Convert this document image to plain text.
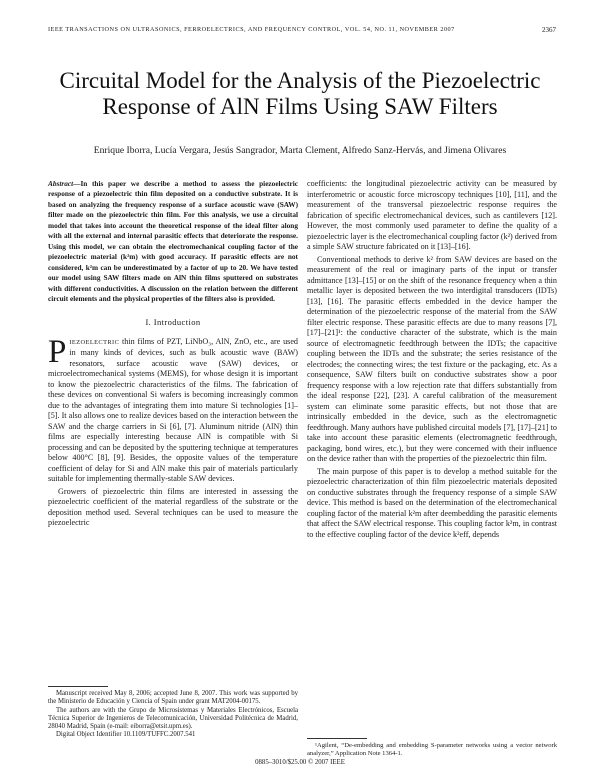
IEEE TRANSACTIONS ON ULTRASONICS, FERROELECTRICS, AND FREQUENCY CONTROL, VOL. 54, NO. 11, NOVEMBER 2007	2367
Circuital Model for the Analysis of the Piezoelectric Response of AlN Films Using SAW Filters
Enrique Iborra, Lucía Vergara, Jesús Sangrador, Marta Clement, Alfredo Sanz-Hervás, and Jimena Olivares
Abstract—In this paper we describe a method to assess the piezoelectric response of a piezoelectric thin film deposited on a conductive substrate. It is based on analyzing the frequency response of a surface acoustic wave (SAW) filter made on the piezoelectric thin film. For this analysis, we use a circuital model that takes into account the theoretical response of the ideal filter along with all the external and internal parasitic effects that deteriorate the response. Using this model, we can obtain the electromechanical coupling factor of the piezoelectric material (k²m) with good accuracy. If parasitic effects are not considered, k²m can be underestimated by a factor of up to 20. We have tested our model using SAW filters made on AlN thin films sputtered on substrates with different conductivities. A discussion on the relation between the different circuit elements and the physical properties of the filters also is provided.
I. Introduction

PIEZOELECTRIC thin films of PZT, LiNbO₃, AlN, ZnO, etc., are used in many kinds of devices, such as bulk acoustic wave (BAW) resonators, surface acoustic wave (SAW) devices, or microelectromechanical systems (MEMS), for whose design it is important to know the piezoelectric characteristics of the films. The fabrication of these devices on conventional Si wafers is becoming increasingly common due to the advantages of integrating them into mature Si technologies [1]–[5]. It also allows one to realize devices based on the interaction between the SAW and the charge carriers in Si [6], [7]. Aluminum nitride (AlN) thin films are especially interesting because AlN is compatible with Si processing and can be deposited by the sputtering technique at temperatures below 400°C [8], [9]. Besides, the opposite values of the temperature coefficient of delay for Si and AlN make this pair of materials particularly suitable for implementing thermally-stable SAW devices.

Growers of piezoelectric thin films are interested in assessing the piezoelectric coefficient of the material regardless of the substrate or the deposition method used. Several techniques can be used to measure the piezoelectric

coefficients: the longitudinal piezoelectric activity can be measured by interferometric or acoustic force microscopy techniques [10], [11], and the measurement of the transversal piezoelectric response requires the fabrication of specific electromechanical devices, such as cantilevers [12]. However, the most commonly used parameter to define the quality of a piezoelectric layer is the electromechanical coupling factor (k²) derived from a simple SAW structure fabricated on it [13]–[16].

Conventional methods to derive k² from SAW devices are based on the measurement of the real or imaginary parts of the input or transfer admittance [13]–[15] or on the shift of the resonance frequency when a thin metallic layer is deposited between the two interdigital transducers (IDTs) [13], [16]. The parasitic effects embedded in the device hamper the determination of the piezoelectric response of the material from the SAW filter electric response. These parasitic effects are due to many reasons [7], [17]–[21]¹: the conductive character of the substrate, which is the main source of electromagnetic feedthrough between the IDTs; the capacitive coupling between the IDTs and the substrate; the series resistance of the electrodes; the connecting wires; the test fixture or the packaging, etc. As a consequence, SAW filters built on conductive substrates show a poor frequency response with a low rejection rate that differs substantially from the ideal response [22], [23]. A careful calibration of the measurement system can eliminate some parasitic effects, but not those that are intrinsically embedded in the device, such as the electromagnetic feedthrough. Many authors have published circuital models [7], [17]–[21] to take into account these parasitic elements (electromagnetic feedthrough, packaging, bond wires, etc.), but they were concerned with their influence on the device rather than with the properties of the piezoelectric thin film.

The main purpose of this paper is to develop a method suitable for the piezoelectric characterization of thin film piezoelectric materials deposited on conductive substrates through the frequency response of a simple SAW device. This method is based on the determination of the electromechanical coupling factor of the material k²m after deembedding the parasitic elements that affect the SAW electrical response. This coupling factor k²m, in contrast to the effective coupling factor of the device k²eff, depends

Manuscript received May 8, 2006; accepted June 8, 2007. This work was supported by the Ministerio de Educación y Ciencia of Spain under grant MAT2004-00175.

The authors are with the Grupo de Microsistemas y Materiales Electrónicos, Escuela Técnica Superior de Ingenieros de Telecomunicación, Universidad Politécnica de Madrid, 28040 Madrid, Spain (e-mail: eiborra@etsit.upm.es).

Digital Object Identifier 10.1109/TUFFC.2007.541

¹Agilent, “De-embedding and embedding S-parameter networks using a vector network analyzer,” Application Note 1364-1.

0885–3010/$25.00 © 2007 IEEE
